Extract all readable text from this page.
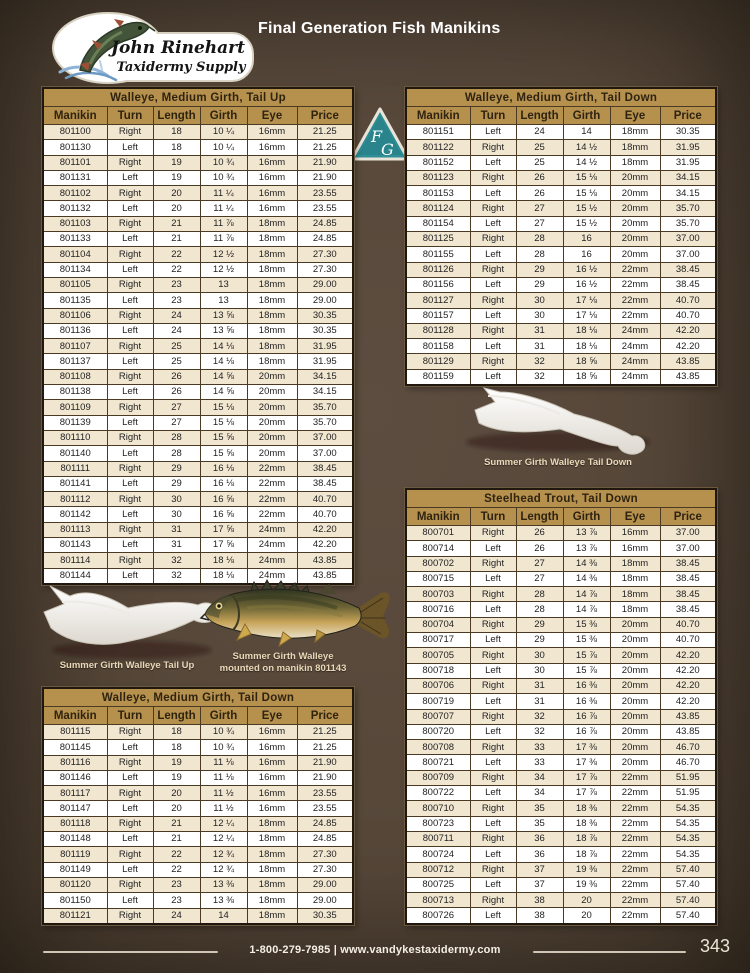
John Rinehart
Taxidermy Supply
Final Generation Fish Manikins
F
G
Walleye, Medium Girth, Tail Up					
Manikin	Turn	Length	Girth	Eye	Price
801100	Right	18	10 ¼	16mm	21.25
801130	Left	18	10 ¼	16mm	21.25
801101	Right	19	10 ¾	16mm	21.90
801131	Left	19	10 ¾	16mm	21.90
801102	Right	20	11 ¼	16mm	23.55
801132	Left	20	11 ¼	16mm	23.55
801103	Right	21	11 ⅞	18mm	24.85
801133	Left	21	11 ⅞	18mm	24.85
801104	Right	22	12 ½	18mm	27.30
801134	Left	22	12 ½	18mm	27.30
801105	Right	23	13	18mm	29.00
801135	Left	23	13	18mm	29.00
801106	Right	24	13 ⅝	18mm	30.35
801136	Left	24	13 ⅝	18mm	30.35
801107	Right	25	14 ⅛	18mm	31.95
801137	Left	25	14 ⅛	18mm	31.95
801108	Right	26	14 ⅝	20mm	34.15
801138	Left	26	14 ⅝	20mm	34.15
801109	Right	27	15 ⅛	20mm	35.70
801139	Left	27	15 ⅛	20mm	35.70
801110	Right	28	15 ⅝	20mm	37.00
801140	Left	28	15 ⅝	20mm	37.00
801111	Right	29	16 ⅛	22mm	38.45
801141	Left	29	16 ⅛	22mm	38.45
801112	Right	30	16 ⅝	22mm	40.70
801142	Left	30	16 ⅝	22mm	40.70
801113	Right	31	17 ⅝	24mm	42.20
801143	Left	31	17 ⅝	24mm	42.20
801114	Right	32	18 ⅛	24mm	43.85
801144	Left	32	18 ⅛	24mm	43.85
Walleye, Medium Girth, Tail Down					
Manikin	Turn	Length	Girth	Eye	Price
801151	Left	24	14	18mm	30.35
801122	Right	25	14 ½	18mm	31.95
801152	Left	25	14 ½	18mm	31.95
801123	Right	26	15 ⅛	20mm	34.15
801153	Left	26	15 ⅛	20mm	34.15
801124	Right	27	15 ½	20mm	35.70
801154	Left	27	15 ½	20mm	35.70
801125	Right	28	16	20mm	37.00
801155	Left	28	16	20mm	37.00
801126	Right	29	16 ½	22mm	38.45
801156	Left	29	16 ½	22mm	38.45
801127	Right	30	17 ⅛	22mm	40.70
801157	Left	30	17 ⅛	22mm	40.70
801128	Right	31	18 ⅛	24mm	42.20
801158	Left	31	18 ⅛	24mm	42.20
801129	Right	32	18 ⅝	24mm	43.85
801159	Left	32	18 ⅝	24mm	43.85
Steelhead Trout, Tail Down					
Manikin	Turn	Length	Girth	Eye	Price
800701	Right	26	13 ⅞	16mm	37.00
800714	Left	26	13 ⅞	16mm	37.00
800702	Right	27	14 ⅜	18mm	38.45
800715	Left	27	14 ⅜	18mm	38.45
800703	Right	28	14 ⅞	18mm	38.45
800716	Left	28	14 ⅞	18mm	38.45
800704	Right	29	15 ⅜	20mm	40.70
800717	Left	29	15 ⅜	20mm	40.70
800705	Right	30	15 ⅞	20mm	42.20
800718	Left	30	15 ⅞	20mm	42.20
800706	Right	31	16 ⅜	20mm	42.20
800719	Left	31	16 ⅜	20mm	42.20
800707	Right	32	16 ⅞	20mm	43.85
800720	Left	32	16 ⅞	20mm	43.85
800708	Right	33	17 ⅜	20mm	46.70
800721	Left	33	17 ⅜	20mm	46.70
800709	Right	34	17 ⅞	22mm	51.95
800722	Left	34	17 ⅞	22mm	51.95
800710	Right	35	18 ⅜	22mm	54.35
800723	Left	35	18 ⅜	22mm	54.35
800711	Right	36	18 ⅞	22mm	54.35
800724	Left	36	18 ⅞	22mm	54.35
800712	Right	37	19 ⅜	22mm	57.40
800725	Left	37	19 ⅜	22mm	57.40
800713	Right	38	20	22mm	57.40
800726	Left	38	20	22mm	57.40
Walleye, Medium Girth, Tail Down					
Manikin	Turn	Length	Girth	Eye	Price
801115	Right	18	10 ¾	16mm	21.25
801145	Left	18	10 ¾	16mm	21.25
801116	Right	19	11 ⅛	16mm	21.90
801146	Left	19	11 ⅛	16mm	21.90
801117	Right	20	11 ½	16mm	23.55
801147	Left	20	11 ½	16mm	23.55
801118	Right	21	12 ¼	18mm	24.85
801148	Left	21	12 ¼	18mm	24.85
801119	Right	22	12 ¾	18mm	27.30
801149	Left	22	12 ¾	18mm	27.30
801120	Right	23	13 ⅜	18mm	29.00
801150	Left	23	13 ⅜	18mm	29.00
801121	Right	24	14	18mm	30.35
Summer Girth Walleye Tail Down
Summer Girth Walleye Tail Up
Summer Girth Walleye
mounted on manikin 801143
1-800-279-7985 | www.vandykestaxidermy.com	343
